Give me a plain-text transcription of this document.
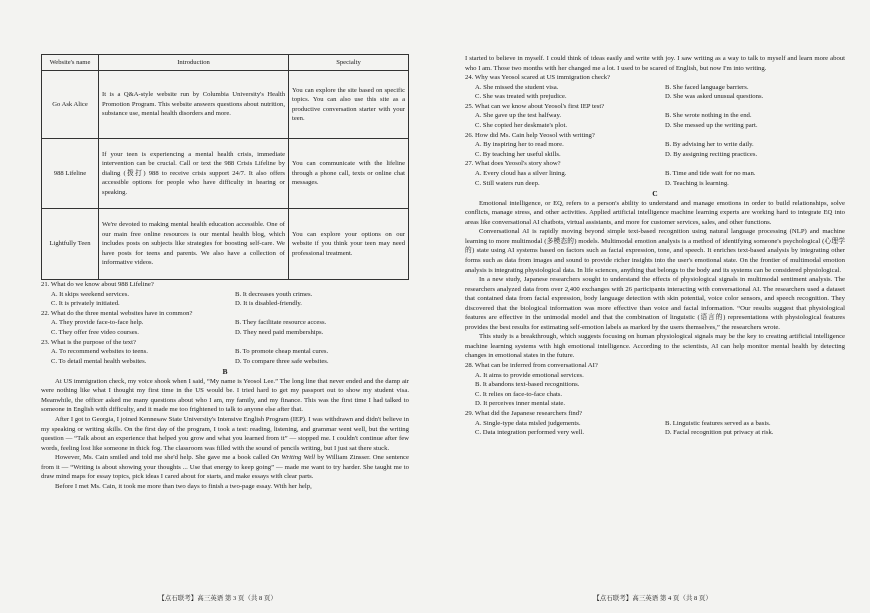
Website's name	Introduction	Specialty
Go Ask Alice	It is a Q&A-style website run by Columbia University's Health Promotion Program. This website answers questions about nutrition, substance use, mental health disorders and more.	You can explore the site based on specific topics. You can also use this site as a productive conversation starter with your teen.
988 Lifeline	If your teen is experiencing a mental health crisis, immediate intervention can be crucial. Call or text the 988 Crisis Lifeline by dialing (拨打) 988 to receive crisis support 24/7. It also offers accessible options for people who have difficulty in hearing or speaking.	You can communicate with the lifeline through a phone call, texts or online chat messages.
Lightfully Teen	We're devoted to making mental health education accessible. One of our main free online resources is our mental health blog, which includes posts on subjects like strategies for boosting self-care. We have posts for teens and parents. We also have a collection of informative videos.	You can explore your options on our website if you think your teen may need professional treatment.

21. What do we know about 988 Lifeline?

A. It skips weekend services.	B. It decreases youth crimes.
C. It is privately initiated.	D. It is disabled-friendly.

22. What do the three mental websites have in common?

A. They provide face-to-face help.	B. They facilitate resource access.
C. They offer free video courses.	D. They need paid memberships.

23. What is the purpose of the text?

A. To recommend websites to teens.	B. To promote cheap mental cures.
C. To detail mental health websites.	D. To compare three safe websites.
B

At US immigration check, my voice shook when I said, “My name is Yeosol Lee.” The long line that never ended and the damp air were nothing like what I thought my first time in the US would be. I tried hard to get my passport out to show my student visa. Meanwhile, the officer asked me many questions about who I am, my family, and my finance. This was the first time I had talked to someone in English with difficulty, and it made me too frightened to talk to anyone else after that.

After I got to Georgia, I joined Kennesaw State University's Intensive English Program (IEP). I was withdrawn and didn't believe in my speaking or writing skills. On the first day of the program, I took a test: reading, listening, and grammar went well, but the writing question — “Talk about an experience that helped you grow and what you learned from it” — stopped me. I couldn't continue after few words, feeling lost like someone in thick fog. The classroom was filled with the sound of pencils writing, but I just sat there stuck.

However, Ms. Cain smiled and told me she'd help. She gave me a book called On Writing Well by William Zinsser. One sentence from it — “Writing is about showing your thoughts ... Use that energy to keep going” — made me want to try harder. She taught me to draw mind maps for essay topics, pick ideas I cared about for starts, and make essays with clear parts.

Before I met Ms. Cain, it took me more than two days to finish a two-page essay. With her help,

【点石联考】高三英语 第 3 页（共 8 页）

I started to believe in myself. I could think of ideas easily and write with joy. I saw writing as a way to talk to myself and learn more about who I am. Those two months with her changed me a lot. I used to be scared of English, but now I'm into writing.

24. Why was Yeosol scared at US immigration check?

A. She missed the student visa.	B. She faced language barriers.
C. She was treated with prejudice.	D. She was asked unusual questions.

25. What can we know about Yeosol's first IEP test?

A. She gave up the test halfway.	B. She wrote nothing in the end.
C. She copied her deskmate's plot.	D. She messed up the writing part.

26. How did Ms. Cain help Yeosol with writing?

A. By inspiring her to read more.	B. By advising her to write daily.
C. By teaching her useful skills.	D. By assigning reciting practices.

27. What does Yeosol's story show?

A. Every cloud has a silver lining.	B. Time and tide wait for no man.
C. Still waters run deep.	D. Teaching is learning.
C

Emotional intelligence, or EQ, refers to a person's ability to understand and manage emotions in order to build relationships, solve conflicts, manage stress, and other activities. Applied artificial intelligence machine learning experts are working hard to integrate EQ into areas like conversational AI chatbots, virtual assistants, and more for customer services, sales, and other functions.

Conversational AI is rapidly moving beyond simple text-based recognition using natural language processing (NLP) and machine learning to more multimodal (多模态的) models. Multimodal emotion analysis is a method of identifying someone's psychological (心理学的) state using AI systems based on factors such as facial expression, tone, and speech. It enriches text-based analysis by integrating other forms such as data from images and sound to provide richer insights into the user's emotional state. On the frontier of multimodal emotion analysis is integrating physiological data. In life sciences, anything that belongs to the body and its systems can be considered physiological.

In a new study, Japanese researchers sought to understand the effects of physiological signals in multimodal sentiment analysis. The researchers analyzed data from over 2,400 exchanges with 26 participants interacting with conversational AI. The researchers used a dataset that contained data from facial expression, body language detection with skin potential, voice color sensors, and speech recognition. They discovered that the biological information was more effective than voice and facial information. “Our results suggest that physiological features are effective in the unimodal model and that the combination of linguistic (语言的) representations with physiological features provides the best results for estimating self-emotion labels as marked by the users themselves,” the researchers wrote.

This study is a breakthrough, which suggests focusing on human physiological signals may be the key to creating artificial intelligence machine learning systems with high emotional intelligence. According to the scientists, AI can help monitor mental health by detecting changes in emotional states in the future.

28. What can be inferred from conversational AI?

A. It aims to provide emotional services.
B. It abandons text-based recognitions.
C. It relies on face-to-face chats.
D. It perceives inner mental state.

29. What did the Japanese researchers find?

A. Single-type data misled judgements.	B. Linguistic features served as a basis.
C. Data integration performed very well.	D. Facial recognition put privacy at risk.
【点石联考】高三英语 第 4 页（共 8 页）
